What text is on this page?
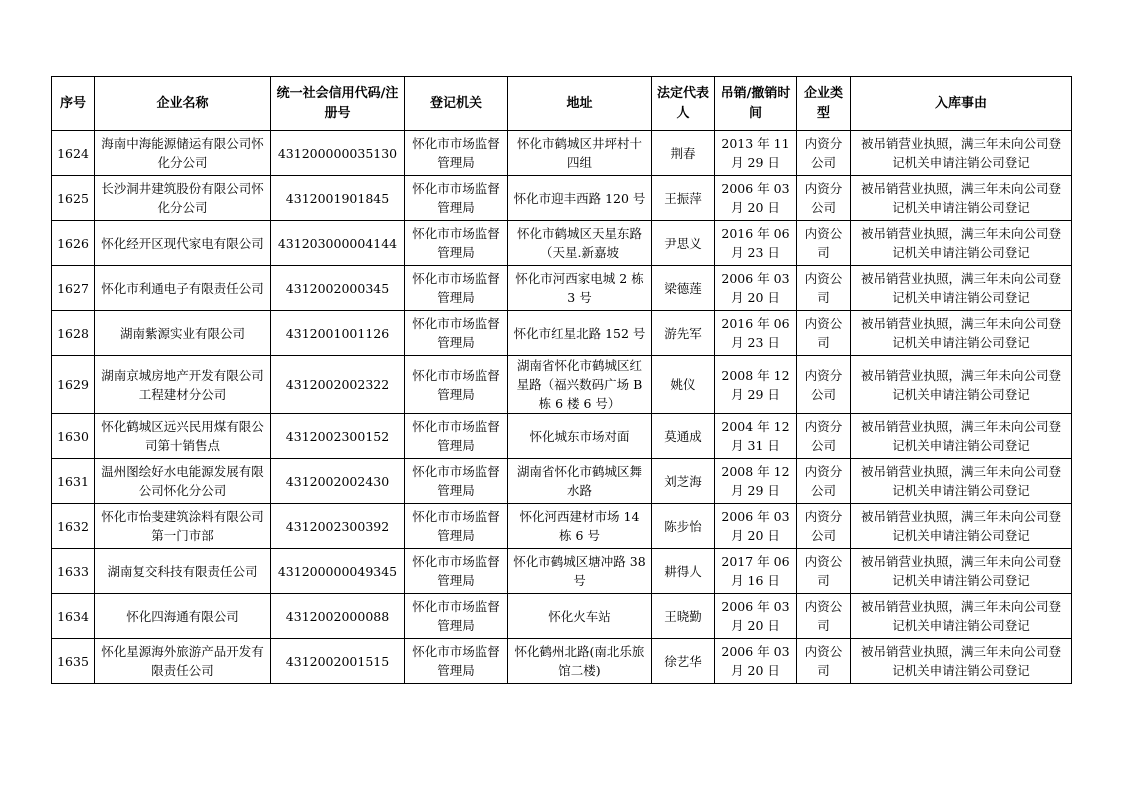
序号	企业名称	统一社会信用代码/注册号	登记机关	地址	法定代表人	吊销/撤销时间	企业类型	入库事由
1624	海南中海能源储运有限公司怀化分公司	431200000035130	怀化市市场监督管理局	怀化市鹤城区井坪村十四组	荆春	2013 年 11 月 29 日	内资分公司	被吊销营业执照，满三年未向公司登记机关申请注销公司登记
1625	长沙洞井建筑股份有限公司怀化分公司	4312001901845	怀化市市场监督管理局	怀化市迎丰西路 120 号	王振萍	2006 年 03 月 20 日	内资分公司	被吊销营业执照，满三年未向公司登记机关申请注销公司登记
1626	怀化经开区现代家电有限公司	431203000004144	怀化市市场监督管理局	怀化市鹤城区天星东路（天星.新嘉坡	尹思义	2016 年 06 月 23 日	内资公司	被吊销营业执照，满三年未向公司登记机关申请注销公司登记
1627	怀化市利通电子有限责任公司	4312002000345	怀化市市场监督管理局	怀化市河西家电城 2 栋 3 号	梁德莲	2006 年 03 月 20 日	内资公司	被吊销营业执照，满三年未向公司登记机关申请注销公司登记
1628	湖南紫源实业有限公司	4312001001126	怀化市市场监督管理局	怀化市红星北路 152 号	游先军	2016 年 06 月 23 日	内资公司	被吊销营业执照，满三年未向公司登记机关申请注销公司登记
1629	湖南京城房地产开发有限公司工程建材分公司	4312002002322	怀化市市场监督管理局	湖南省怀化市鹤城区红星路（福兴数码广场 B 栋 6 楼 6 号）	姚仪	2008 年 12 月 29 日	内资分公司	被吊销营业执照，满三年未向公司登记机关申请注销公司登记
1630	怀化鹤城区远兴民用煤有限公司第十销售点	4312002300152	怀化市市场监督管理局	怀化城东市场对面	莫通成	2004 年 12 月 31 日	内资分公司	被吊销营业执照，满三年未向公司登记机关申请注销公司登记
1631	温州图绘好水电能源发展有限公司怀化分公司	4312002002430	怀化市市场监督管理局	湖南省怀化市鹤城区舞水路	刘芝海	2008 年 12 月 29 日	内资分公司	被吊销营业执照，满三年未向公司登记机关申请注销公司登记
1632	怀化市怡斐建筑涂料有限公司第一门市部	4312002300392	怀化市市场监督管理局	怀化河西建材市场 14 栋 6 号	陈步怡	2006 年 03 月 20 日	内资分公司	被吊销营业执照，满三年未向公司登记机关申请注销公司登记
1633	湖南复交科技有限责任公司	431200000049345	怀化市市场监督管理局	怀化市鹤城区塘冲路 38 号	耕得人	2017 年 06 月 16 日	内资公司	被吊销营业执照，满三年未向公司登记机关申请注销公司登记
1634	怀化四海通有限公司	4312002000088	怀化市市场监督管理局	怀化火车站	王晓勤	2006 年 03 月 20 日	内资公司	被吊销营业执照，满三年未向公司登记机关申请注销公司登记
1635	怀化星源海外旅游产品开发有限责任公司	4312002001515	怀化市市场监督管理局	怀化鹤州北路(南北乐旅馆二楼)	徐艺华	2006 年 03 月 20 日	内资公司	被吊销营业执照，满三年未向公司登记机关申请注销公司登记
